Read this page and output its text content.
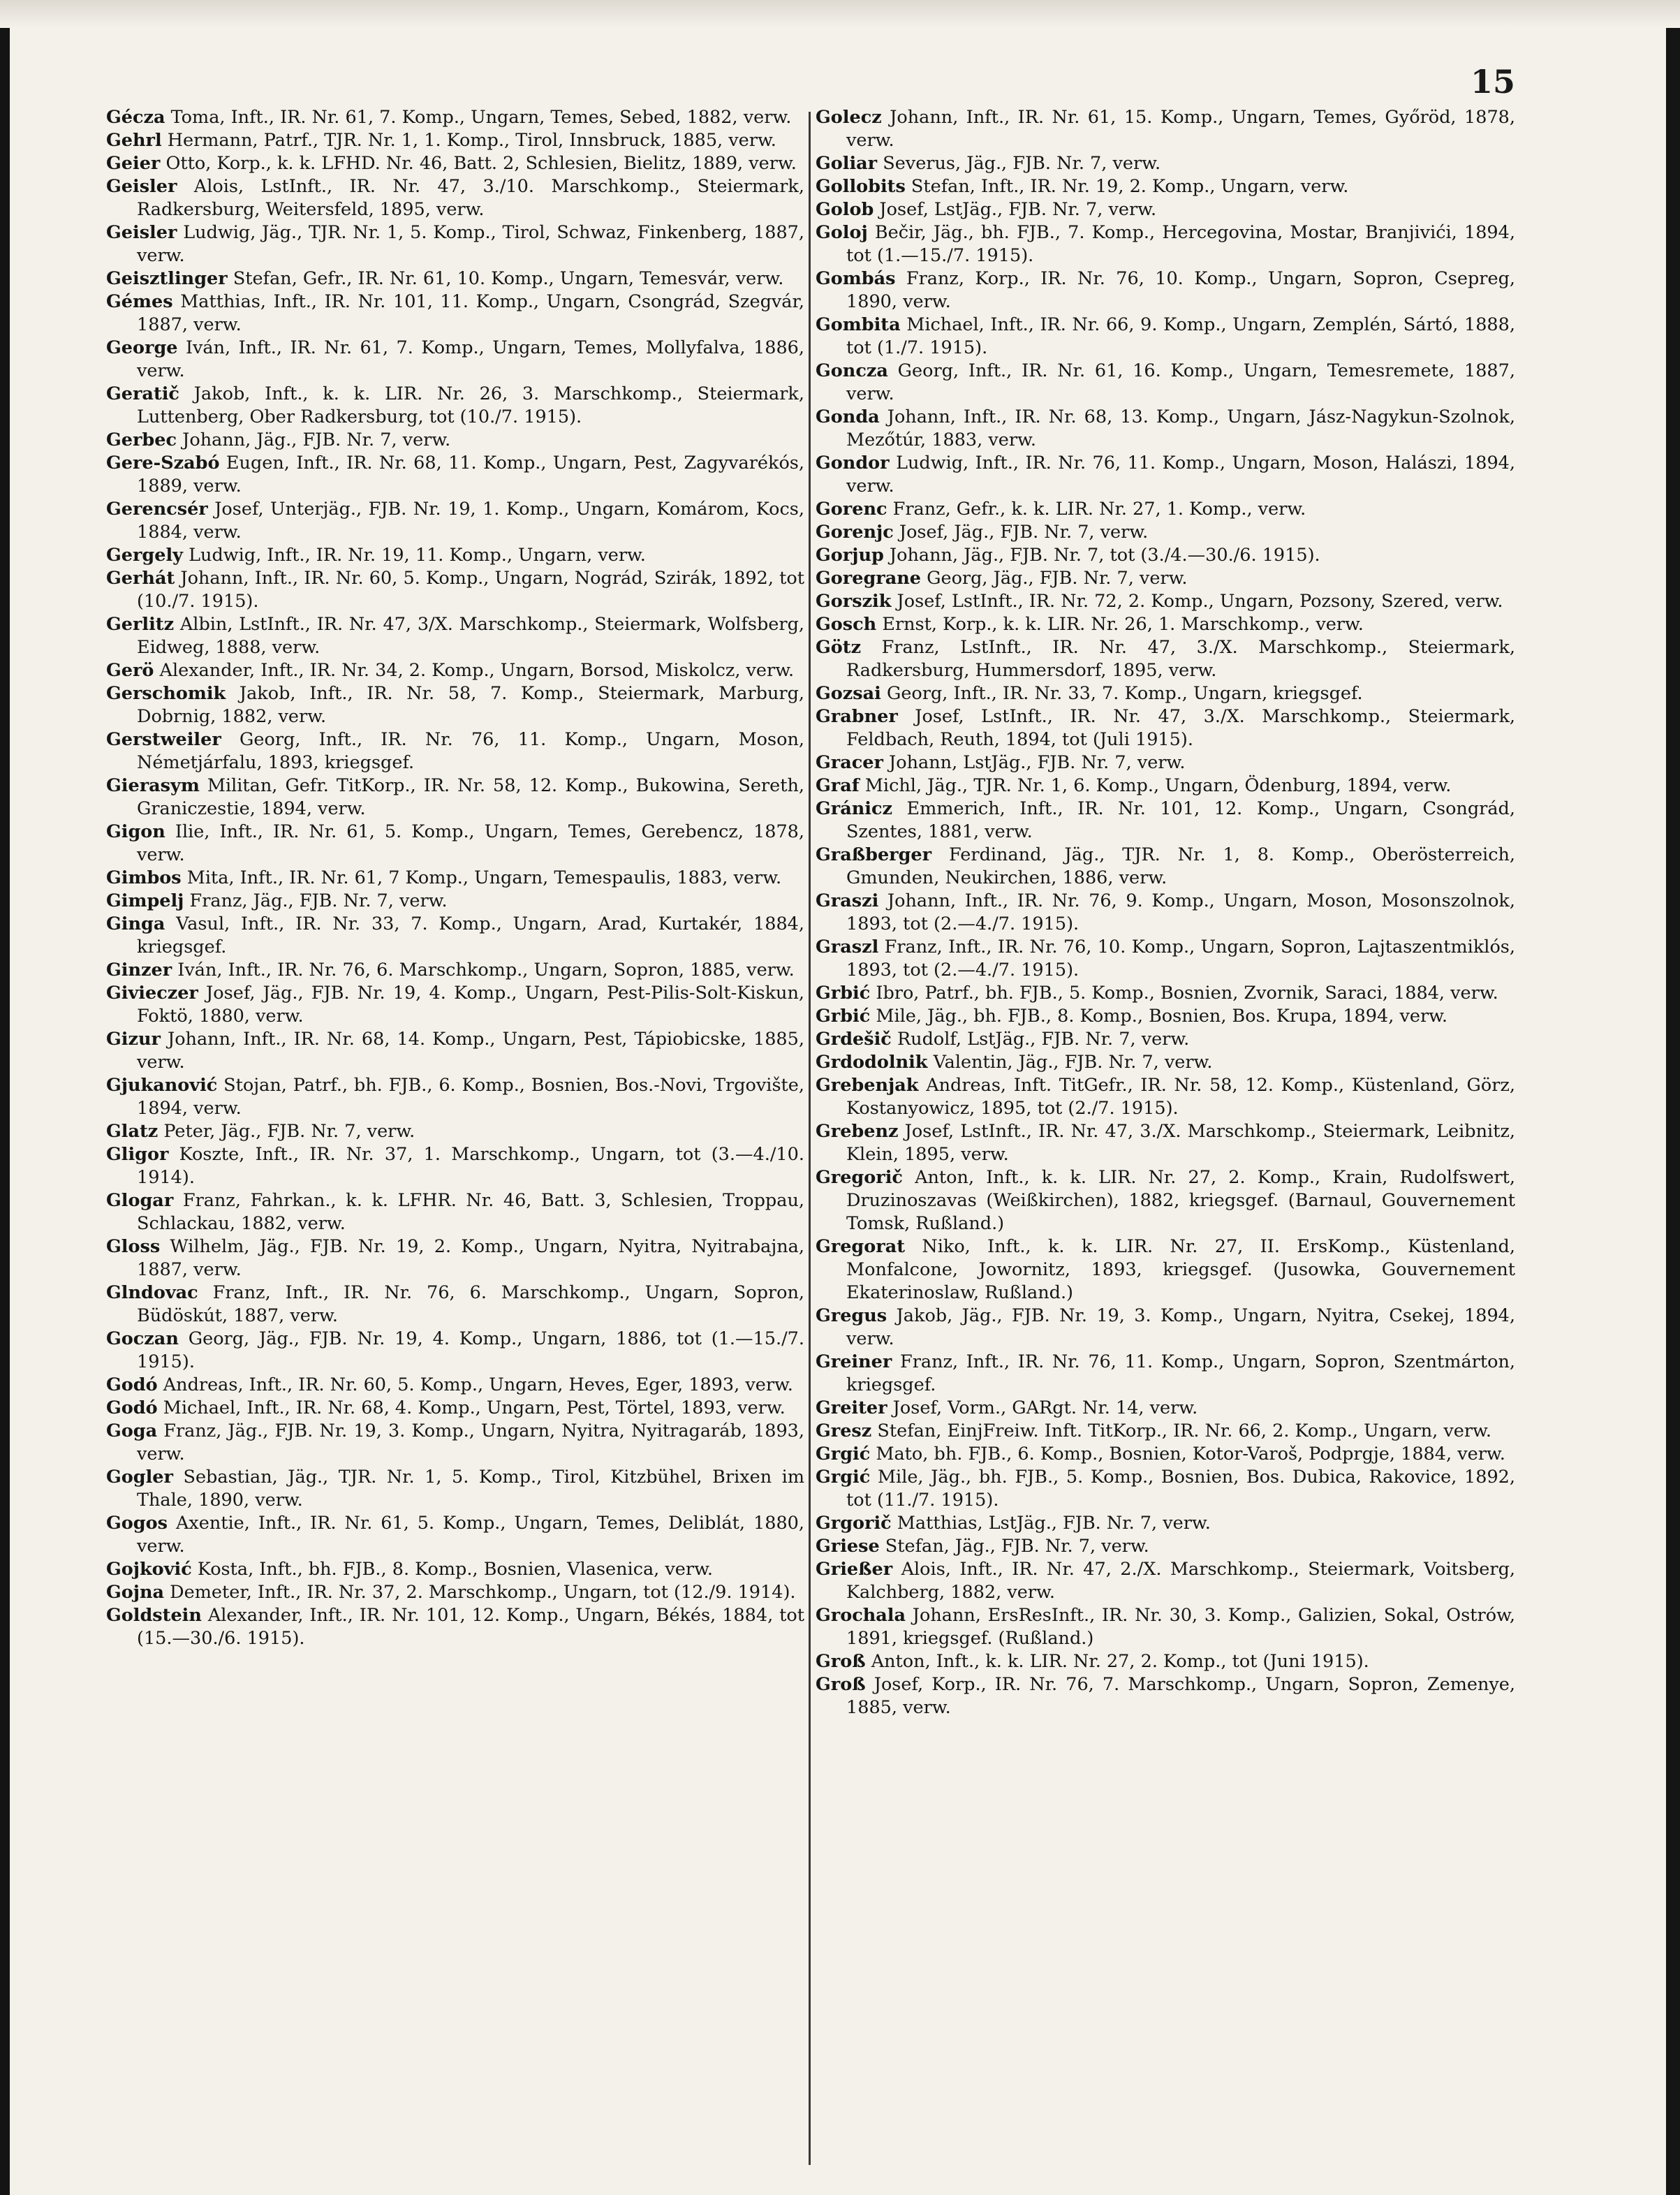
15

Gécza Toma, Inft., IR. Nr. 61, 7. Komp., Ungarn, Temes, Sebed, 1882, verw.

Gehrl Hermann, Patrf., TJR. Nr. 1, 1. Komp., Tirol, Innsbruck, 1885, verw.

Geier Otto, Korp., k. k. LFHD. Nr. 46, Batt. 2, Schlesien, Bielitz, 1889, verw.

Geisler Alois, LstInft., IR. Nr. 47, 3./10. Marschkomp., Steiermark, Radkersburg, Weitersfeld, 1895, verw.

Geisler Ludwig, Jäg., TJR. Nr. 1, 5. Komp., Tirol, Schwaz, Finkenberg, 1887, verw.

Geisztlinger Stefan, Gefr., IR. Nr. 61, 10. Komp., Ungarn, Temesvár, verw.

Gémes Matthias, Inft., IR. Nr. 101, 11. Komp., Ungarn, Csongrád, Szegvár, 1887, verw.

George Iván, Inft., IR. Nr. 61, 7. Komp., Ungarn, Temes, Mollyfalva, 1886, verw.

Geratič Jakob, Inft., k. k. LIR. Nr. 26, 3. Marschkomp., Steiermark, Luttenberg, Ober Radkersburg, tot (10./7. 1915).

Gerbec Johann, Jäg., FJB. Nr. 7, verw.

Gere-Szabó Eugen, Inft., IR. Nr. 68, 11. Komp., Ungarn, Pest, Zagyvarékós, 1889, verw.

Gerencsér Josef, Unterjäg., FJB. Nr. 19, 1. Komp., Ungarn, Komárom, Kocs, 1884, verw.

Gergely Ludwig, Inft., IR. Nr. 19, 11. Komp., Ungarn, verw.

Gerhát Johann, Inft., IR. Nr. 60, 5. Komp., Ungarn, Nográd, Szirák, 1892, tot (10./7. 1915).

Gerlitz Albin, LstInft., IR. Nr. 47, 3/X. Marschkomp., Steiermark, Wolfsberg, Eidweg, 1888, verw.

Gerö Alexander, Inft., IR. Nr. 34, 2. Komp., Ungarn, Borsod, Miskolcz, verw.

Gerschomik Jakob, Inft., IR. Nr. 58, 7. Komp., Steiermark, Marburg, Dobrnig, 1882, verw.

Gerstweiler Georg, Inft., IR. Nr. 76, 11. Komp., Ungarn, Moson, Németjárfalu, 1893, kriegsgef.

Gierasym Militan, Gefr. TitKorp., IR. Nr. 58, 12. Komp., Bukowina, Sereth, Graniczestie, 1894, verw.

Gigon Ilie, Inft., IR. Nr. 61, 5. Komp., Ungarn, Temes, Gerebencz, 1878, verw.

Gimbos Mita, Inft., IR. Nr. 61, 7 Komp., Ungarn, Temespaulis, 1883, verw.

Gimpelj Franz, Jäg., FJB. Nr. 7, verw.

Ginga Vasul, Inft., IR. Nr. 33, 7. Komp., Ungarn, Arad, Kurtakér, 1884, kriegsgef.

Ginzer Iván, Inft., IR. Nr. 76, 6. Marschkomp., Ungarn, Sopron, 1885, verw.

Givieczer Josef, Jäg., FJB. Nr. 19, 4. Komp., Ungarn, Pest-Pilis-Solt-Kiskun, Foktö, 1880, verw.

Gizur Johann, Inft., IR. Nr. 68, 14. Komp., Ungarn, Pest, Tápiobicske, 1885, verw.

Gjukanović Stojan, Patrf., bh. FJB., 6. Komp., Bosnien, Bos.-Novi, Trgovište, 1894, verw.

Glatz Peter, Jäg., FJB. Nr. 7, verw.

Gligor Koszte, Inft., IR. Nr. 37, 1. Marschkomp., Ungarn, tot (3.—4./10. 1914).

Glogar Franz, Fahrkan., k. k. LFHR. Nr. 46, Batt. 3, Schlesien, Troppau, Schlackau, 1882, verw.

Gloss Wilhelm, Jäg., FJB. Nr. 19, 2. Komp., Ungarn, Nyitra, Nyitrabajna, 1887, verw.

Glndovac Franz, Inft., IR. Nr. 76, 6. Marschkomp., Ungarn, Sopron, Büdöskút, 1887, verw.

Goczan Georg, Jäg., FJB. Nr. 19, 4. Komp., Ungarn, 1886, tot (1.—15./7. 1915).

Godó Andreas, Inft., IR. Nr. 60, 5. Komp., Ungarn, Heves, Eger, 1893, verw.

Godó Michael, Inft., IR. Nr. 68, 4. Komp., Ungarn, Pest, Törtel, 1893, verw.

Goga Franz, Jäg., FJB. Nr. 19, 3. Komp., Ungarn, Nyitra, Nyitragaráb, 1893, verw.

Gogler Sebastian, Jäg., TJR. Nr. 1, 5. Komp., Tirol, Kitzbühel, Brixen im Thale, 1890, verw.

Gogos Axentie, Inft., IR. Nr. 61, 5. Komp., Ungarn, Temes, Deliblát, 1880, verw.

Gojković Kosta, Inft., bh. FJB., 8. Komp., Bosnien, Vlasenica, verw.

Gojna Demeter, Inft., IR. Nr. 37, 2. Marschkomp., Ungarn, tot (12./9. 1914).

Goldstein Alexander, Inft., IR. Nr. 101, 12. Komp., Ungarn, Békés, 1884, tot (15.—30./6. 1915).

Golecz Johann, Inft., IR. Nr. 61, 15. Komp., Ungarn, Temes, Győröd, 1878, verw.

Goliar Severus, Jäg., FJB. Nr. 7, verw.

Gollobits Stefan, Inft., IR. Nr. 19, 2. Komp., Ungarn, verw.

Golob Josef, LstJäg., FJB. Nr. 7, verw.

Goloj Bečir, Jäg., bh. FJB., 7. Komp., Hercegovina, Mostar, Branjivići, 1894, tot (1.—15./7. 1915).

Gombás Franz, Korp., IR. Nr. 76, 10. Komp., Ungarn, Sopron, Csepreg, 1890, verw.

Gombita Michael, Inft., IR. Nr. 66, 9. Komp., Ungarn, Zemplén, Sártó, 1888, tot (1./7. 1915).

Goncza Georg, Inft., IR. Nr. 61, 16. Komp., Ungarn, Temesremete, 1887, verw.

Gonda Johann, Inft., IR. Nr. 68, 13. Komp., Ungarn, Jász-Nagykun-Szolnok, Mezőtúr, 1883, verw.

Gondor Ludwig, Inft., IR. Nr. 76, 11. Komp., Ungarn, Moson, Halászi, 1894, verw.

Gorenc Franz, Gefr., k. k. LIR. Nr. 27, 1. Komp., verw.

Gorenjc Josef, Jäg., FJB. Nr. 7, verw.

Gorjup Johann, Jäg., FJB. Nr. 7, tot (3./4.—30./6. 1915).

Goregrane Georg, Jäg., FJB. Nr. 7, verw.

Gorszik Josef, LstInft., IR. Nr. 72, 2. Komp., Ungarn, Pozsony, Szered, verw.

Gosch Ernst, Korp., k. k. LIR. Nr. 26, 1. Marschkomp., verw.

Götz Franz, LstInft., IR. Nr. 47, 3./X. Marschkomp., Steiermark, Radkersburg, Hummersdorf, 1895, verw.

Gozsai Georg, Inft., IR. Nr. 33, 7. Komp., Ungarn, kriegsgef.

Grabner Josef, LstInft., IR. Nr. 47, 3./X. Marschkomp., Steiermark, Feldbach, Reuth, 1894, tot (Juli 1915).

Gracer Johann, LstJäg., FJB. Nr. 7, verw.

Graf Michl, Jäg., TJR. Nr. 1, 6. Komp., Ungarn, Ödenburg, 1894, verw.

Gránicz Emmerich, Inft., IR. Nr. 101, 12. Komp., Ungarn, Csongrád, Szentes, 1881, verw.

Graßberger Ferdinand, Jäg., TJR. Nr. 1, 8. Komp., Oberösterreich, Gmunden, Neukirchen, 1886, verw.

Graszi Johann, Inft., IR. Nr. 76, 9. Komp., Ungarn, Moson, Mosonszolnok, 1893, tot (2.—4./7. 1915).

Graszl Franz, Inft., IR. Nr. 76, 10. Komp., Ungarn, Sopron, Lajtaszentmiklós, 1893, tot (2.—4./7. 1915).

Grbić Ibro, Patrf., bh. FJB., 5. Komp., Bosnien, Zvornik, Saraci, 1884, verw.

Grbić Mile, Jäg., bh. FJB., 8. Komp., Bosnien, Bos. Krupa, 1894, verw.

Grdešič Rudolf, LstJäg., FJB. Nr. 7, verw.

Grdodolnik Valentin, Jäg., FJB. Nr. 7, verw.

Grebenjak Andreas, Inft. TitGefr., IR. Nr. 58, 12. Komp., Küstenland, Görz, Kostanyowicz, 1895, tot (2./7. 1915).

Grebenz Josef, LstInft., IR. Nr. 47, 3./X. Marschkomp., Steiermark, Leibnitz, Klein, 1895, verw.

Gregorič Anton, Inft., k. k. LIR. Nr. 27, 2. Komp., Krain, Rudolfswert, Druzinoszavas (Weißkirchen), 1882, kriegsgef. (Barnaul, Gouvernement Tomsk, Rußland.)

Gregorat Niko, Inft., k. k. LIR. Nr. 27, II. ErsKomp., Küstenland, Monfalcone, Jowornitz, 1893, kriegsgef. (Jusowka, Gouvernement Ekaterinoslaw, Rußland.)

Gregus Jakob, Jäg., FJB. Nr. 19, 3. Komp., Ungarn, Nyitra, Csekej, 1894, verw.

Greiner Franz, Inft., IR. Nr. 76, 11. Komp., Ungarn, Sopron, Szentmárton, kriegsgef.

Greiter Josef, Vorm., GARgt. Nr. 14, verw.

Gresz Stefan, EinjFreiw. Inft. TitKorp., IR. Nr. 66, 2. Komp., Ungarn, verw.

Grgić Mato, bh. FJB., 6. Komp., Bosnien, Kotor-Varoš, Podprgje, 1884, verw.

Grgić Mile, Jäg., bh. FJB., 5. Komp., Bosnien, Bos. Dubica, Rakovice, 1892, tot (11./7. 1915).

Grgorič Matthias, LstJäg., FJB. Nr. 7, verw.

Griese Stefan, Jäg., FJB. Nr. 7, verw.

Grießer Alois, Inft., IR. Nr. 47, 2./X. Marschkomp., Steiermark, Voitsberg, Kalchberg, 1882, verw.

Grochala Johann, ErsResInft., IR. Nr. 30, 3. Komp., Galizien, Sokal, Ostrów, 1891, kriegsgef. (Rußland.)

Groß Anton, Inft., k. k. LIR. Nr. 27, 2. Komp., tot (Juni 1915).

Groß Josef, Korp., IR. Nr. 76, 7. Marschkomp., Ungarn, Sopron, Zemenye, 1885, verw.
